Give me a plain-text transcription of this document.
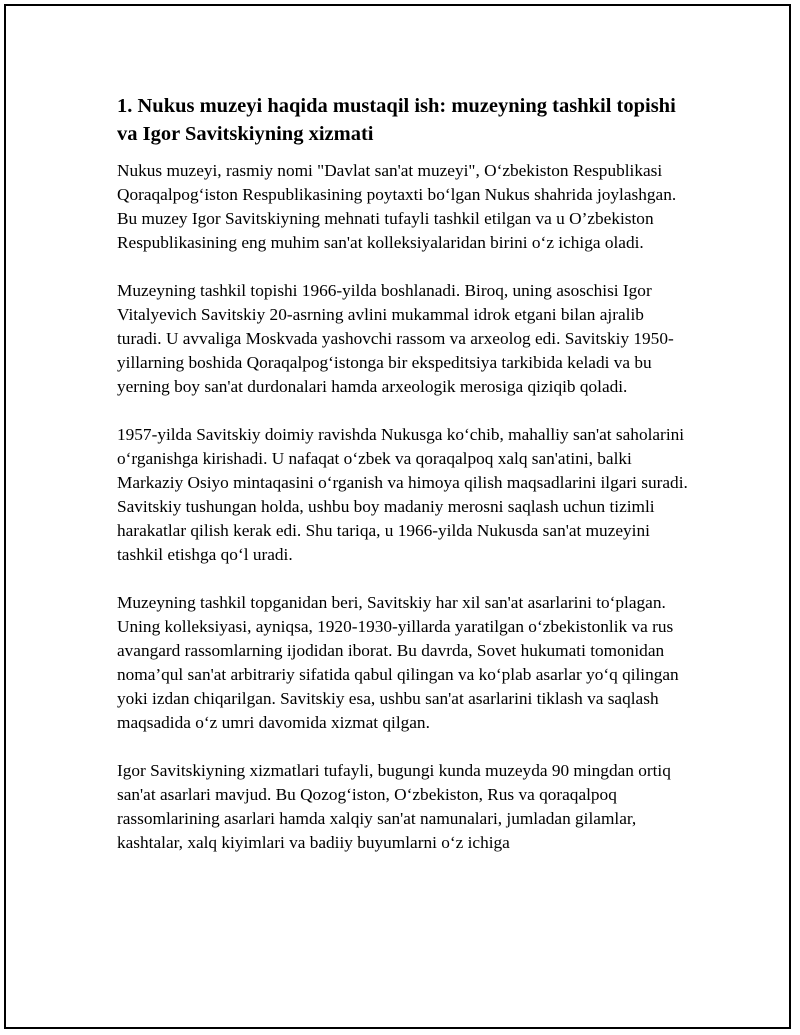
1. Nukus muzeyi haqida mustaqil ish: muzeyning tashkil topishi va Igor Savitskiyning xizmati

Nukus muzeyi, rasmiy nomi "Davlat san'at muzeyi", O‘zbekiston Respublikasi Qoraqalpog‘iston Respublikasining poytaxti bo‘lgan Nukus shahrida joylashgan. Bu muzey Igor Savitskiyning mehnati tufayli tashkil etilgan va u O’zbekiston Respublikasining eng muhim san'at kolleksiyalaridan birini o‘z ichiga oladi.

Muzeyning tashkil topishi 1966-yilda boshlanadi. Biroq, uning asoschisi Igor Vitalyevich Savitskiy 20-asrning avlini mukammal idrok etgani bilan ajralib turadi. U avvaliga Moskvada yashovchi rassom va arxeolog edi. Savitskiy 1950-yillarning boshida Qoraqalpog‘istonga bir ekspeditsiya tarkibida keladi va bu yerning boy san'at durdonalari hamda arxeologik merosiga qiziqib qoladi.

1957-yilda Savitskiy doimiy ravishda Nukusga ko‘chib, mahalliy san'at saholarini o‘rganishga kirishadi. U nafaqat o‘zbek va qoraqalpoq xalq san'atini, balki Markaziy Osiyo mintaqasini o‘rganish va himoya qilish maqsadlarini ilgari suradi. Savitskiy tushungan holda, ushbu boy madaniy merosni saqlash uchun tizimli harakatlar qilish kerak edi. Shu tariqa, u 1966-yilda Nukusda san'at muzeyini tashkil etishga qo‘l uradi.

Muzeyning tashkil topganidan beri, Savitskiy har xil san'at asarlarini to‘plagan. Uning kolleksiyasi, ayniqsa, 1920-1930-yillarda yaratilgan o‘zbekistonlik va rus avangard rassomlarning ijodidan iborat. Bu davrda, Sovet hukumati tomonidan noma’qul san'at arbitrariy sifatida qabul qilingan va ko‘plab asarlar yo‘q qilingan yoki izdan chiqarilgan. Savitskiy esa, ushbu san'at asarlarini tiklash va saqlash maqsadida o‘z umri davomida xizmat qilgan.

Igor Savitskiyning xizmatlari tufayli, bugungi kunda muzeyda 90 mingdan ortiq san'at asarlari mavjud. Bu Qozog‘iston, O‘zbekiston, Rus va qoraqalpoq rassomlarining asarlari hamda xalqiy san'at namunalari, jumladan gilamlar, kashtalar, xalq kiyimlari va badiiy buyumlarni o‘z ichiga
